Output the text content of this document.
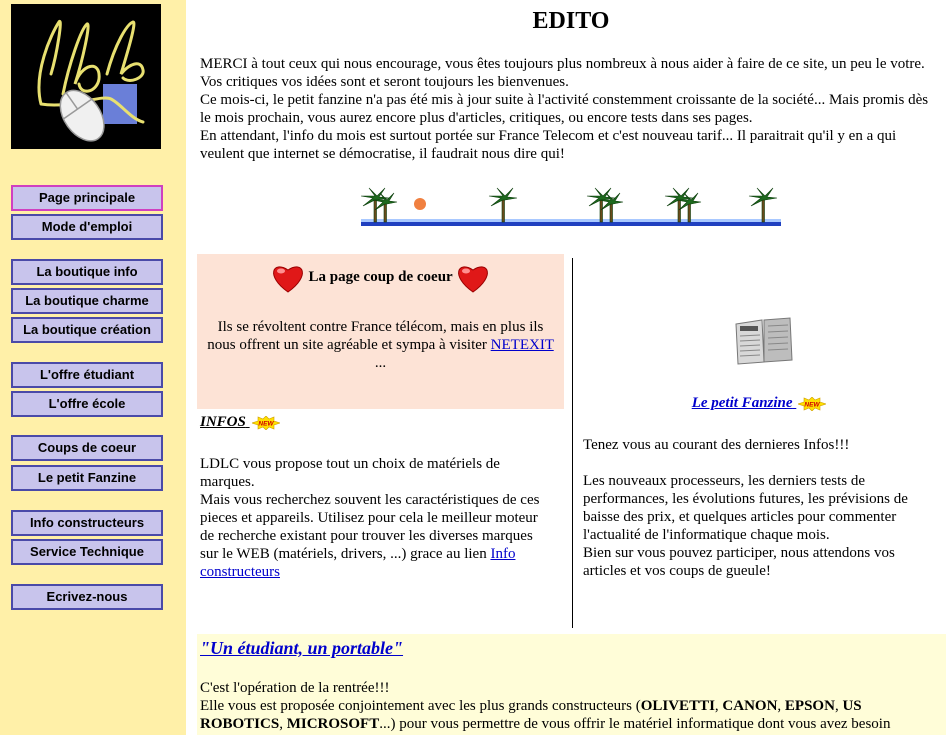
Page principale
Mode d'emploi
La boutique info
La boutique charme
La boutique création
L'offre étudiant
L'offre école
Coups de coeur
Le petit Fanzine
Info constructeurs
Service Technique
Ecrivez-nous
EDITO

MERCI à tout ceux qui nous encourage, vous êtes toujours plus nombreux à nous aider à faire de ce site, un peu le votre. Vos critiques vos idées sont et seront toujours les bienvenues.

Ce mois-ci, le petit fanzine n'a pas été mis à jour suite à l'activité constemment croissante de la société... Mais promis dès le mois prochain, vous aurez encore plus d'articles, critiques, ou encore tests dans ses pages.

En attendant, l'info du mois est surtout portée sur France Telecom et c'est nouveau tarif... Il paraitrait qu'il y en a qui veulent que internet se démocratise, il faudrait nous dire qui!

La page coup de coeur
Ils se révoltent contre France télécom, mais en plus ils nous offrent un site agréable et sympa à visiter NETEXIT ...
INFOS NEW
LDLC vous propose tout un choix de matériels de marques.
Mais vous recherchez souvent les caractéristiques de ces pieces et appareils. Utilisez pour cela le meilleur moteur de recherche existant pour trouver les diverses marques sur le WEB (matériels, drivers, ...) grace au lien Info constructeurs
Le petit Fanzine NEW
Tenez vous au courant des dernieres Infos!!!

Les nouveaux processeurs, les derniers tests de performances, les évolutions futures, les prévisions de baisse des prix, et quelques articles pour commenter l'actualité de l'informatique chaque mois.
Bien sur vous pouvez participer, nous attendons vos articles et vos coups de gueule!
"Un étudiant, un portable"

C'est l'opération de la rentrée!!!

Elle vous est proposée conjointement avec les plus grands constructeurs (OLIVETTI, CANON, EPSON, US ROBOTICS, MICROSOFT...) pour vous permettre de vous offrir le matériel informatique dont vous avez besoin
